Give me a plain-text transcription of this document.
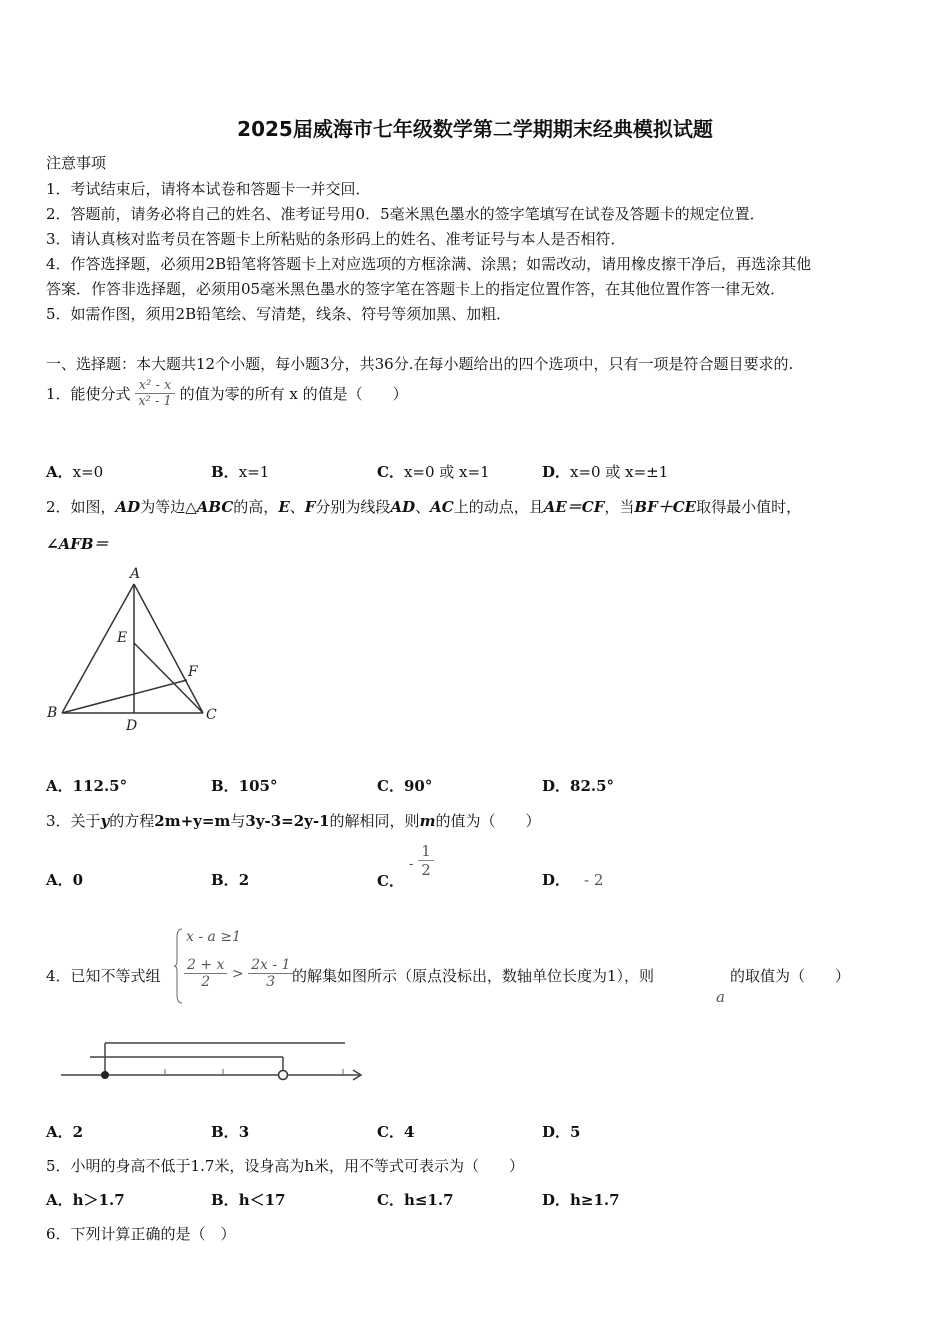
2025届威海市七年级数学第二学期期末经典模拟试题
注意事项
1．考试结束后，请将本试卷和答题卡一并交回．
2．答题前，请务必将自己的姓名、准考证号用0．5毫米黑色墨水的签字笔填写在试卷及答题卡的规定位置．
3．请认真核对监考员在答题卡上所粘贴的条形码上的姓名、准考证号与本人是否相符．
4．作答选择题，必须用2B铅笔将答题卡上对应选项的方框涂满、涂黑；如需改动，请用橡皮擦干净后，再选涂其他
答案．作答非选择题，必须用05毫米黑色墨水的签字笔在答题卡上的指定位置作答，在其他位置作答一律无效．
5．如需作图，须用2B铅笔绘、写清楚，线条、符号等须加黑、加粗．
一、选择题：本大题共12个小题，每小题3分，共36分.在每小题给出的四个选项中，只有一项是符合题目要求的.
1．能使分式 $\frac{\text{x² - x}}{\text{x² - 1}}$ 的值为零的所有 x 的值是（　　）
A．x=0	B．x=1	C．x=0 或 x=1	D．x=0 或 x=±1
2．如图，AD为等边△ABC的高，E、F分别为线段AD、AC上的动点，且AE＝CF，当BF＋CE取得最小值时，
∠AFB＝
A
B	C
D
E
F
A．112.5°	B．105°	C．90°	D．82.5°
3．关于y的方程2m+y=m与3y-3=2y-1的解相同，则m的值为（　　）
A．0	B．2	C． - $\frac{1}{2}$
D． - 2
4．已知不等式组
x - a ≥1
$\frac{2 + x}{2} > \frac{2x - 1}{3}$
的解集如图所示（原点没标出，数轴单位长度为1），则
a
的取值为（　　）
A．2	B．3	C．4	D．5
5．小明的身高不低于1.7米，设身高为h米，用不等式可表示为（　　）
A．h＞1.7	B．h＜17	C．h≤1.7	D．h≥1.7
6．下列计算正确的是（　）
